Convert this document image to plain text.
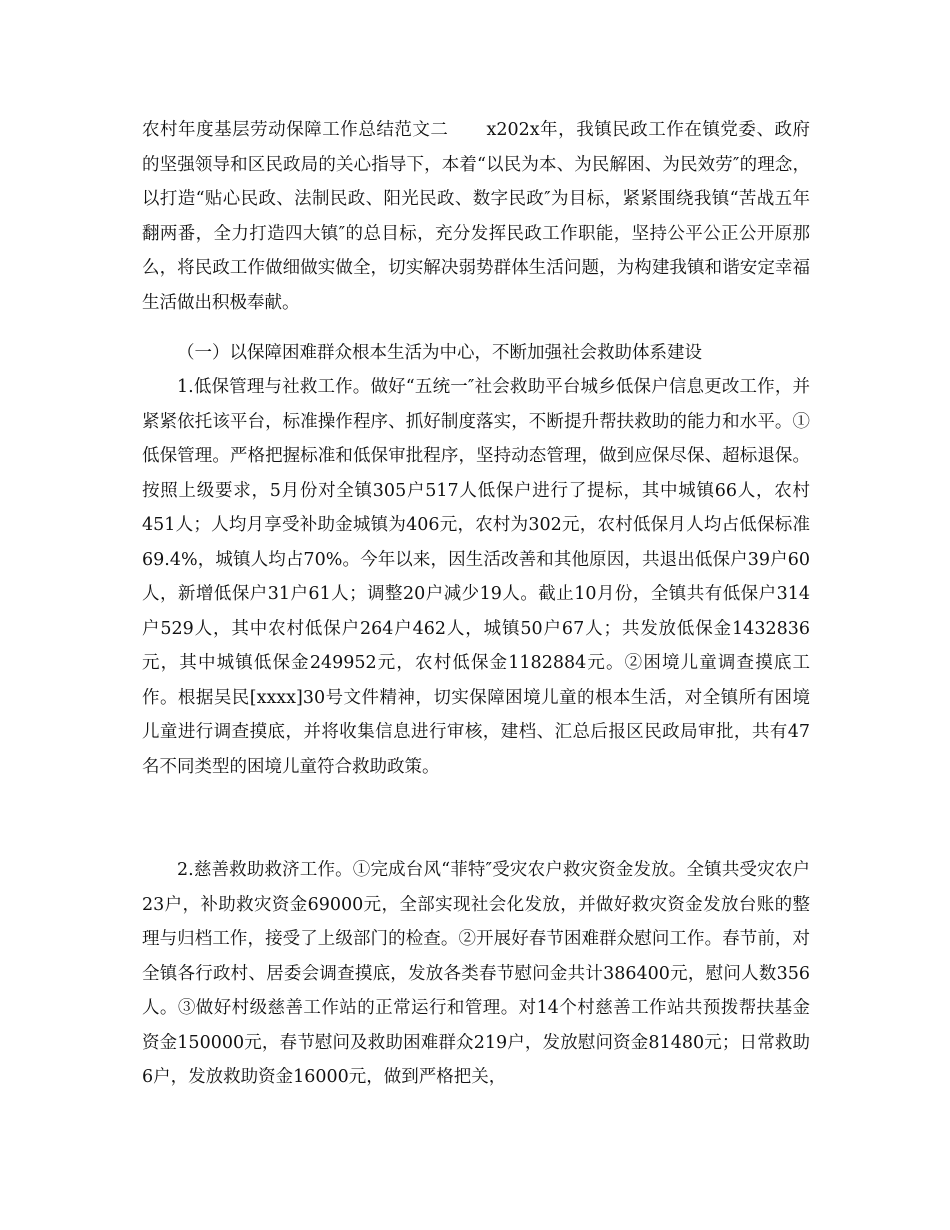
农村年度基层劳动保障工作总结范文二 x202x年，我镇民政工作在镇党委、政府的坚强领导和区民政局的关心指导下，本着“以民为本、为民解困、为民效劳″的理念，以打造“贴心民政、法制民政、阳光民政、数字民政″为目标，紧紧围绕我镇“苦战五年翻两番，全力打造四大镇″的总目标，充分发挥民政工作职能，坚持公平公正公开原那么，将民政工作做细做实做全，切实解决弱势群体生活问题，为构建我镇和谐安定幸福生活做出积极奉献。

（一）以保障困难群众根本生活为中心，不断加强社会救助体系建设

1.低保管理与社救工作。做好“五统一″社会救助平台城乡低保户信息更改工作，并紧紧依托该平台，标准操作程序、抓好制度落实，不断提升帮扶救助的能力和水平。①低保管理。严格把握标准和低保审批程序，坚持动态管理，做到应保尽保、超标退保。按照上级要求，5月份对全镇305户517人低保户进行了提标，其中城镇66人，农村451人；人均月享受补助金城镇为406元，农村为302元，农村低保月人均占低保标准69.4%，城镇人均占70%。今年以来，因生活改善和其他原因，共退出低保户39户60人，新增低保户31户61人；调整20户减少19人。截止10月份，全镇共有低保户314户529人，其中农村低保户264户462人，城镇50户67人；共发放低保金1432836元，其中城镇低保金249952元，农村低保金1182884元。②困境儿童调查摸底工作。根据吴民[xxxx]30号文件精神，切实保障困境儿童的根本生活，对全镇所有困境儿童进行调查摸底，并将收集信息进行审核，建档、汇总后报区民政局审批，共有47名不同类型的困境儿童符合救助政策。

2.慈善救助救济工作。①完成台风“菲特″受灾农户救灾资金发放。全镇共受灾农户23户，补助救灾资金69000元，全部实现社会化发放，并做好救灾资金发放台账的整理与归档工作，接受了上级部门的检查。②开展好春节困难群众慰问工作。春节前，对全镇各行政村、居委会调查摸底，发放各类春节慰问金共计386400元，慰问人数356人。③做好村级慈善工作站的正常运行和管理。对14个村慈善工作站共预拨帮扶基金资金150000元，春节慰问及救助困难群众219户，发放慰问资金81480元；日常救助6户，发放救助资金16000元，做到严格把关，
